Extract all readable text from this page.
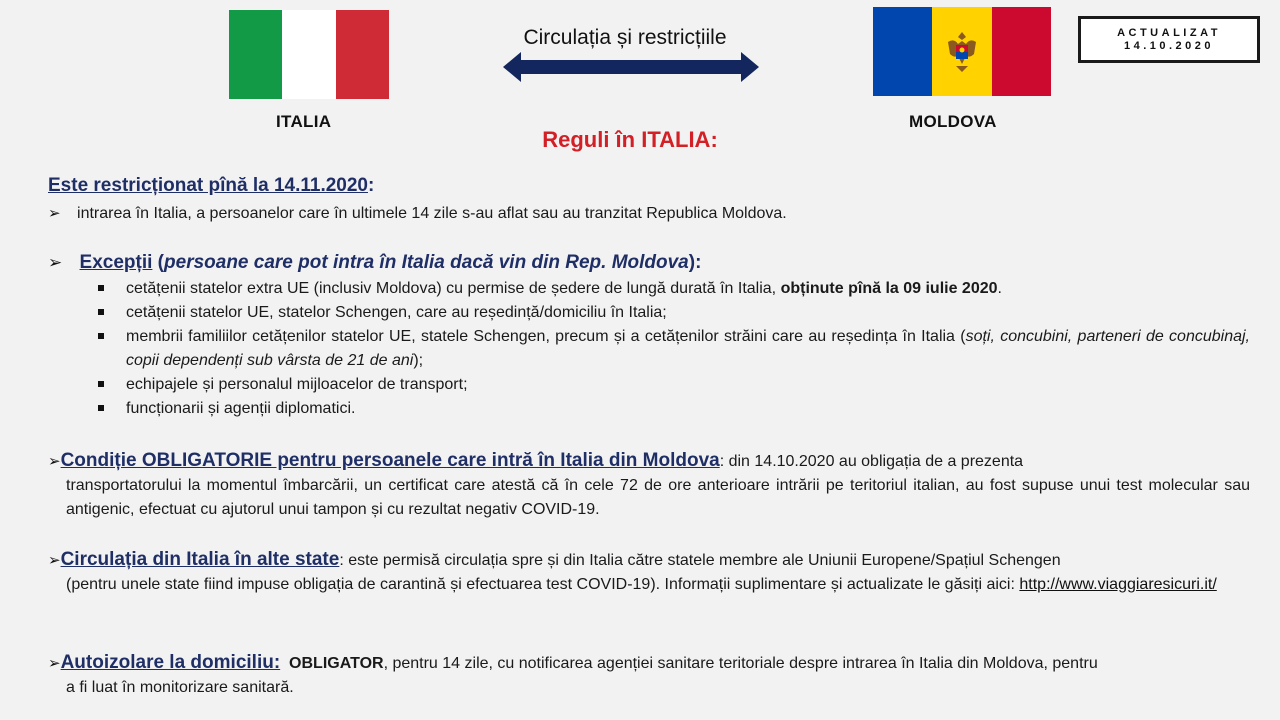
ITALIA
Circulația și restricțiile
MOLDOVA
ACTUALIZAT
14.10.2020
Reguli în ITALIA:
Este restricționat pînă la 14.11.2020:
➢ intrarea în Italia, a persoanelor care în ultimele 14 zile s-au aflat sau au tranzitat Republica Moldova.
➢ Excepții (persoane care pot intra în Italia dacă vin din Rep. Moldova):
cetățenii statelor extra UE (inclusiv Moldova) cu permise de ședere de lungă durată în Italia, obținute pînă la 09 iulie 2020.
cetățenii statelor UE, statelor Schengen, care au reședință/domiciliu în Italia;
membrii familiilor cetățenilor statelor UE, statele Schengen, precum și a cetățenilor străini care au reședința în Italia (soți, concubini, parteneri de concubinaj, copii dependenți sub vârsta de 21 de ani);
echipajele și personalul mijloacelor de transport;
funcționarii și agenții diplomatici.
➢Condiție OBLIGATORIE pentru persoanele care intră în Italia din Moldova: din 14.10.2020 au obligația de a prezenta
transportatorului la momentul îmbarcării, un certificat care atestă că în cele 72 de ore anterioare intrării pe teritoriul italian, au fost supuse unui test molecular sau antigenic, efectuat cu ajutorul unui tampon și cu rezultat negativ COVID-19.
➢Circulația din Italia în alte state: este permisă circulația spre și din Italia către statele membre ale Uniunii Europene/Spațiul Schengen
(pentru unele state fiind impuse obligația de carantină și efectuarea test COVID-19). Informații suplimentare și actualizate le găsiți aici: http://www.viaggiaresicuri.it/
➢Autoizolare la domiciliu: OBLIGATOR, pentru 14 zile, cu notificarea agenției sanitare teritoriale despre intrarea în Italia din Moldova, pentru
a fi luat în monitorizare sanitară.
